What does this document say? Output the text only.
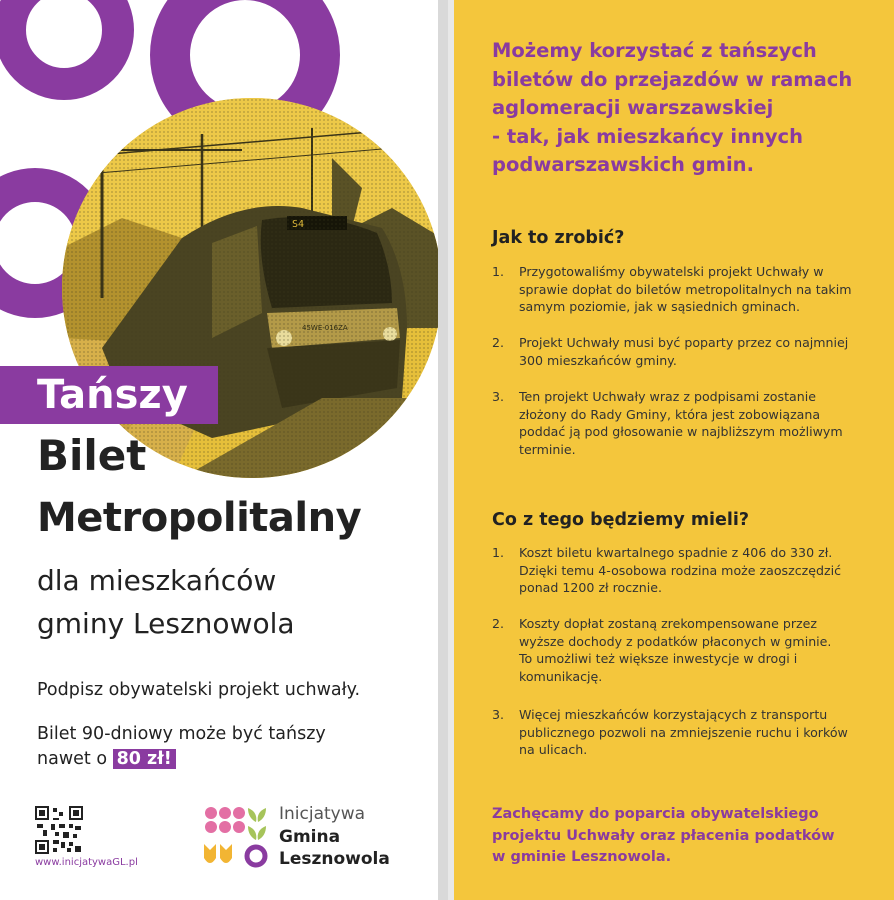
Tańszy
Bilet
Metropolitalny
dla mieszkańców
gminy Lesznowola
Podpisz obywatelski projekt uchwały.
Bilet 90-dniowy może być tańszy
nawet o 80 zł!
www.inicjatywaGL.pl
Inicjatywa
Gmina
Lesznowola
Możemy korzystać z tańszych
biletów do przejazdów w ramach
aglomeracji warszawskiej
- tak, jak mieszkańcy innych
podwarszawskich gmin.
Jak to zrobić?
1. Przygotowaliśmy obywatelski projekt Uchwały w
sprawie dopłat do biletów metropolitalnych na takim
samym poziomie, jak w sąsiednich gminach.
2. Projekt Uchwały musi być poparty przez co najmniej
300 mieszkańców gminy.
3. Ten projekt Uchwały wraz z podpisami zostanie
złożony do Rady Gminy, która jest zobowiązana
poddać ją pod głosowanie w najbliższym możliwym
terminie.
Co z tego będziemy mieli?
1. Koszt biletu kwartalnego spadnie z 406 do 330 zł.
Dzięki temu 4-osobowa rodzina może zaoszczędzić
ponad 1200 zł rocznie.
2. Koszty dopłat zostaną zrekompensowane przez
wyższe dochody z podatków płaconych w gminie.
To umożliwi też większe inwestycje w drogi i
komunikację.
3. Więcej mieszkańców korzystających z transportu
publicznego pozwoli na zmniejszenie ruchu i korków
na ulicach.
Zachęcamy do poparcia obywatelskiego
projektu Uchwały oraz płacenia podatków
w gminie Lesznowola.
